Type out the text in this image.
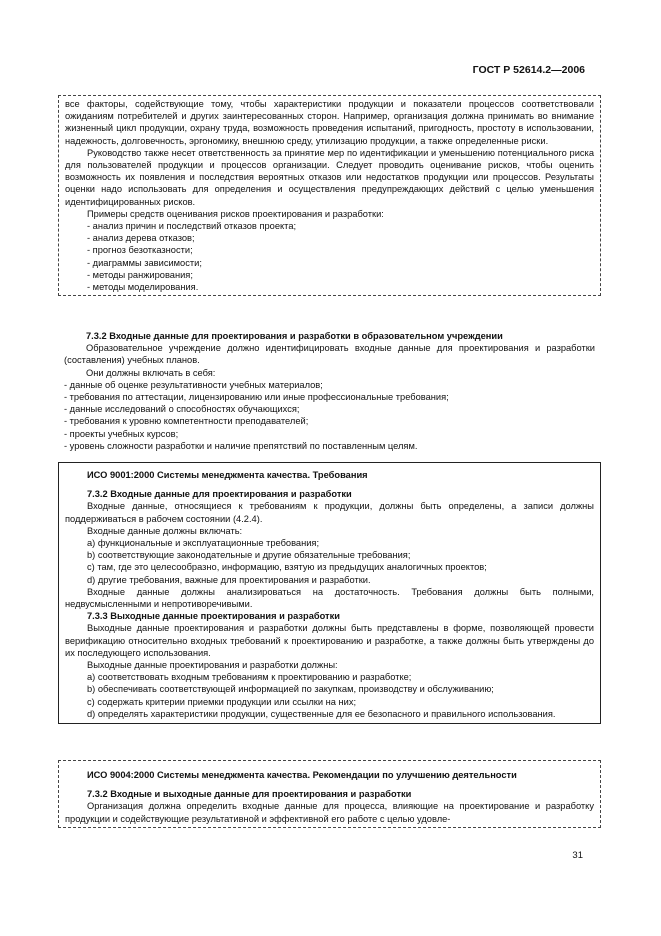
ГОСТ Р 52614.2—2006

все факторы, содействующие тому, чтобы характеристики продукции и показатели процессов соответствовали ожиданиям потребителей и других заинтересованных сторон. Например, организация должна принимать во внимание жизненный цикл продукции, охрану труда, возможность проведения испытаний, пригодность, простоту в использовании, надежность, долговечность, эргономику, внешнюю среду, утилизацию продукции, а также определенные риски.

Руководство также несет ответственность за принятие мер по идентификации и уменьшению потенциального риска для пользователей продукции и процессов организации. Следует проводить оценивание рисков, чтобы оценить возможность их появления и последствия вероятных отказов или недостатков продукции или процессов. Результаты оценки надо использовать для определения и осуществления предупреждающих действий с целью уменьшения идентифицированных рисков.

Примеры средств оценивания рисков проектирования и разработки:

- анализ причин и последствий отказов проекта;

- анализ дерева отказов;

- прогноз безотказности;

- диаграммы зависимости;

- методы ранжирования;

- методы моделирования.

7.3.2 Входные данные для проектирования и разработки в образовательном учреждении

Образовательное учреждение должно идентифицировать входные данные для проектирования и разработки (составления) учебных планов.

Они должны включать в себя:

- данные об оценке результативности учебных материалов;

- требования по аттестации, лицензированию или иные профессиональные требования;

- данные исследований о способностях обучающихся;

- требования к уровню компетентности преподавателей;

- проекты учебных курсов;

- уровень сложности разработки и наличие препятствий по поставленным целям.

ИСО 9001:2000 Системы менеджмента качества. Требования

7.3.2 Входные данные для проектирования и разработки

Входные данные, относящиеся к требованиям к продукции, должны быть определены, а записи должны поддерживаться в рабочем состоянии (4.2.4).

Входные данные должны включать:

a) функциональные и эксплуатационные требования;

b) соответствующие законодательные и другие обязательные требования;

c) там, где это целесообразно, информацию, взятую из предыдущих аналогичных проектов;

d) другие требования, важные для проектирования и разработки.

Входные данные должны анализироваться на достаточность. Требования должны быть полными, недвусмысленными и непротиворечивыми.

7.3.3 Выходные данные проектирования и разработки

Выходные данные проектирования и разработки должны быть представлены в форме, позволяющей провести верификацию относительно входных требований к проектированию и разработке, а также должны быть утверждены до их последующего использования.

Выходные данные проектирования и разработки должны:

a) соответствовать входным требованиям к проектированию и разработке;

b) обеспечивать соответствующей информацией по закупкам, производству и обслуживанию;

c) содержать критерии приемки продукции или ссылки на них;

d) определять характеристики продукции, существенные для ее безопасного и правильного использования.

ИСО 9004:2000 Системы менеджмента качества. Рекомендации по улучшению деятельности

7.3.2 Входные и выходные данные для проектирования и разработки

Организация должна определить входные данные для процесса, влияющие на проектирование и разработку продукции и содействующие результативной и эффективной его работе с целью удовле-

31
